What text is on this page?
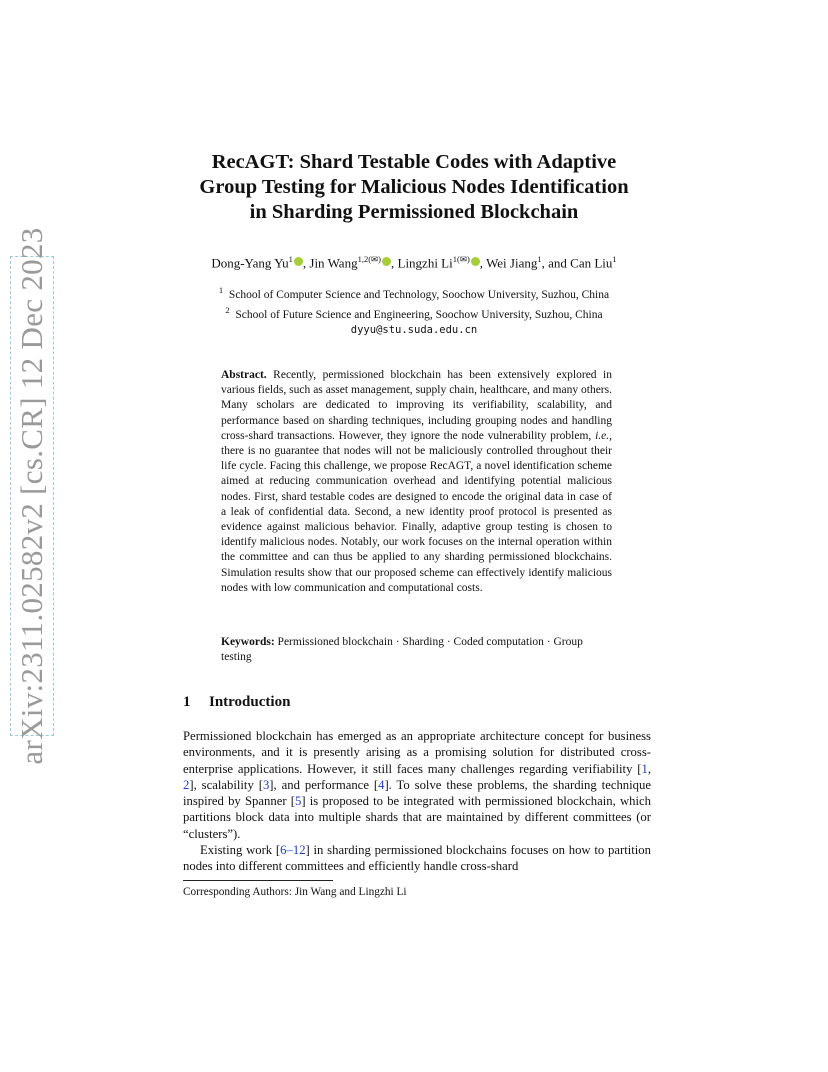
arXiv:2311.02582v2 [cs.CR] 12 Dec 2023
RecAGT: Shard Testable Codes with Adaptive
Group Testing for Malicious Nodes Identification
in Sharding Permissioned Blockchain
Dong-Yang Yu$^1$ , Jin Wang$^{1,2(✉)}$ , Lingzhi $Li^{1(✉)}$ , Wei Jiang$^1$, and Can Liu$^1$
$^1$ School of Computer Science and Technology, Soochow University, Suzhou, China
$^2$ School of Future Science and Engineering, Soochow University, Suzhou, China
dyyu@stu.suda.edu.cn
Abstract. Recently, permissioned blockchain has been extensively explored in various fields, such as asset management, supply chain, healthcare, and many others. Many scholars are dedicated to improving its verifiability, scalability, and performance based on sharding techniques, including grouping nodes and handling cross-shard transactions. However, they ignore the node vulnerability problem, i.e., there is no guarantee that nodes will not be maliciously controlled throughout their life cycle. Facing this challenge, we propose RecAGT, a novel identification scheme aimed at reducing communication overhead and identifying potential malicious nodes. First, shard testable codes are designed to encode the original data in case of a leak of confidential data. Second, a new identity proof protocol is presented as evidence against malicious behavior. Finally, adaptive group testing is chosen to identify malicious nodes. Notably, our work focuses on the internal operation within the committee and can thus be applied to any sharding permissioned blockchains. Simulation results show that our proposed scheme can effectively identify malicious nodes with low communication and computational costs.
Keywords: Permissioned blockchain · Sharding · Coded computation · Group testing
1 Introduction

Permissioned blockchain has emerged as an appropriate architecture concept for business environments, and it is presently arising as a promising solution for distributed cross-enterprise applications. However, it still faces many challenges regarding verifiability [1, 2], scalability [3], and performance [4]. To solve these problems, the sharding technique inspired by Spanner [5] is proposed to be integrated with permissioned blockchain, which partitions block data into multiple shards that are maintained by different committees (or “clusters”).

Existing work [6–12] in sharding permissioned blockchains focuses on how to partition nodes into different committees and efficiently handle cross-shard

Corresponding Authors: Jin Wang and Lingzhi Li
